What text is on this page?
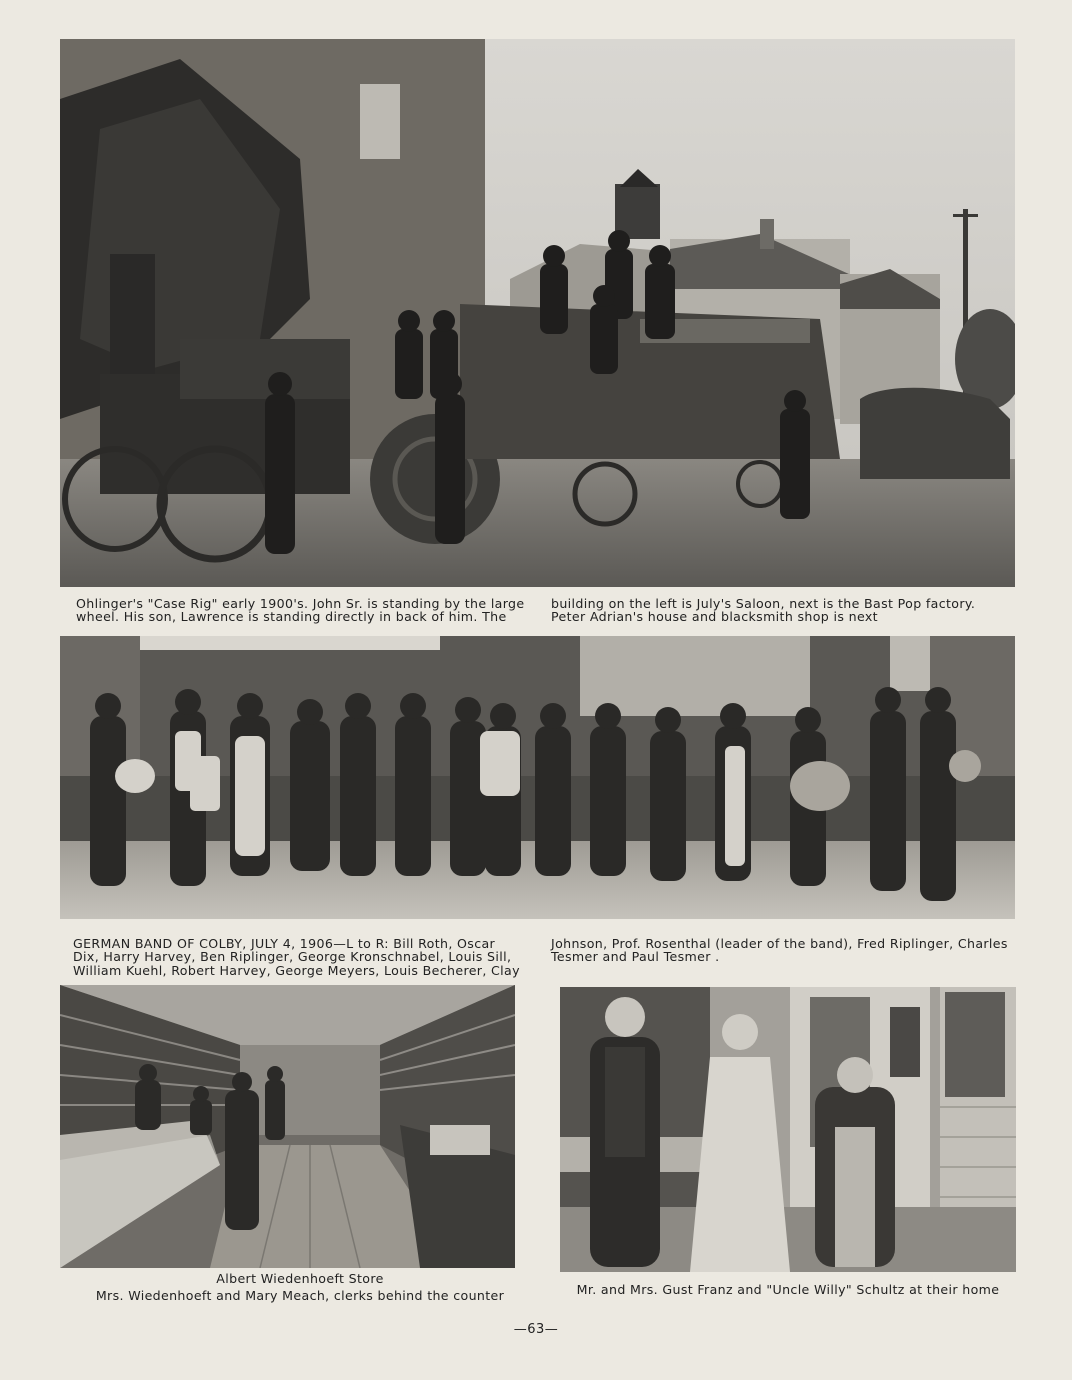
Ohlinger's "Case Rig" early 1900's. John Sr. is standing by the large
wheel. His son, Lawrence is standing directly in back of him. The
building on the left is July's Saloon, next is the Bast Pop factory.
Peter Adrian's house and blacksmith shop is next
GERMAN BAND OF COLBY, JULY 4, 1906—L to R: Bill Roth, Oscar
Dix, Harry Harvey, Ben Riplinger, George Kronschnabel, Louis Sill,
William Kuehl, Robert Harvey, George Meyers, Louis Becherer, Clay
Johnson, Prof. Rosenthal (leader of the band), Fred Riplinger, Charles
Tesmer and Paul Tesmer .
Albert Wiedenhoeft Store
Mrs. Wiedenhoeft and Mary Meach, clerks behind the counter	Mr. and Mrs. Gust Franz and "Uncle Willy" Schultz at their home
—63—
